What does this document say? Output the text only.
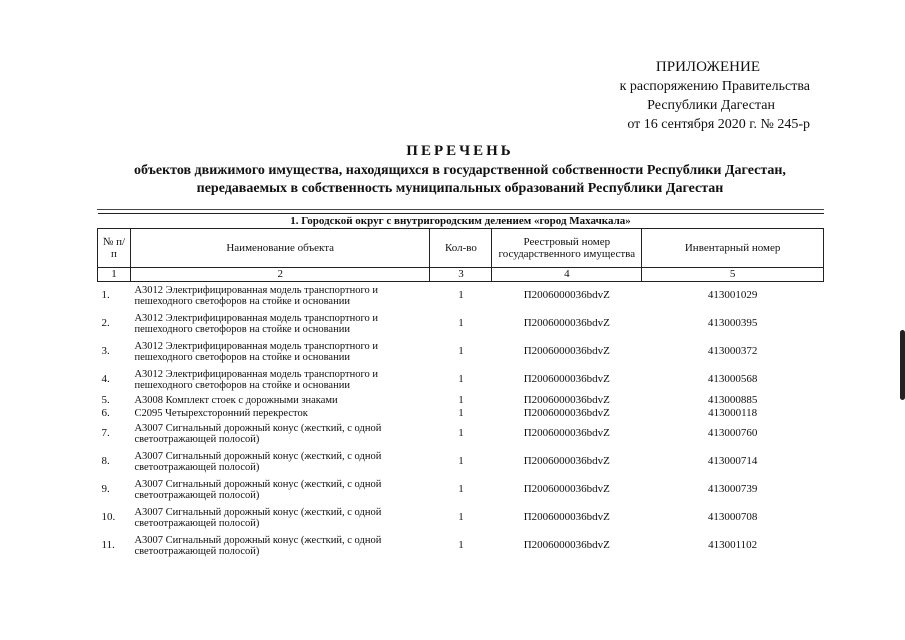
ПРИЛОЖЕНИЕ
к распоряжению Правительства
Республики Дагестан
от 16 сентября 2020 г. № 245-р
ПЕРЕЧЕНЬ
объектов движимого имущества, находящихся в государственной собственности Республики Дагестан,
передаваемых в собственность муниципальных образований Республики Дагестан
1. Городской округ с внутригородским делением «город Махачкала»				
№ п/п	Наименование объекта	Кол-во	Реестровый номер государственного имущества	Инвентарный номер
1	2	3	4	5
1.	А3012 Электрифицированная модель транспортного и пешеходного светофоров на стойке и основании	1	П2006000036bdvZ	413001029
2.	А3012 Электрифицированная модель транспортного и пешеходного светофоров на стойке и основании	1	П2006000036bdvZ	413000395
3.	А3012 Электрифицированная модель транспортного и пешеходного светофоров на стойке и основании	1	П2006000036bdvZ	413000372
4.	А3012 Электрифицированная модель транспортного и пешеходного светофоров на стойке и основании	1	П2006000036bdvZ	413000568
5.	А3008 Комплект стоек с дорожными знаками	1	П2006000036bdvZ	413000885
6.	С2095 Четырехсторонний перекресток	1	П2006000036bdvZ	413000118
7.	А3007 Сигнальный дорожный конус (жесткий, с одной светоотражающей полосой)	1	П2006000036bdvZ	413000760
8.	А3007 Сигнальный дорожный конус (жесткий, с одной светоотражающей полосой)	1	П2006000036bdvZ	413000714
9.	А3007 Сигнальный дорожный конус (жесткий, с одной светоотражающей полосой)	1	П2006000036bdvZ	413000739
10.	А3007 Сигнальный дорожный конус (жесткий, с одной светоотражающей полосой)	1	П2006000036bdvZ	413000708
11.	А3007 Сигнальный дорожный конус (жесткий, с одной светоотражающей полосой)	1	П2006000036bdvZ	413001102
